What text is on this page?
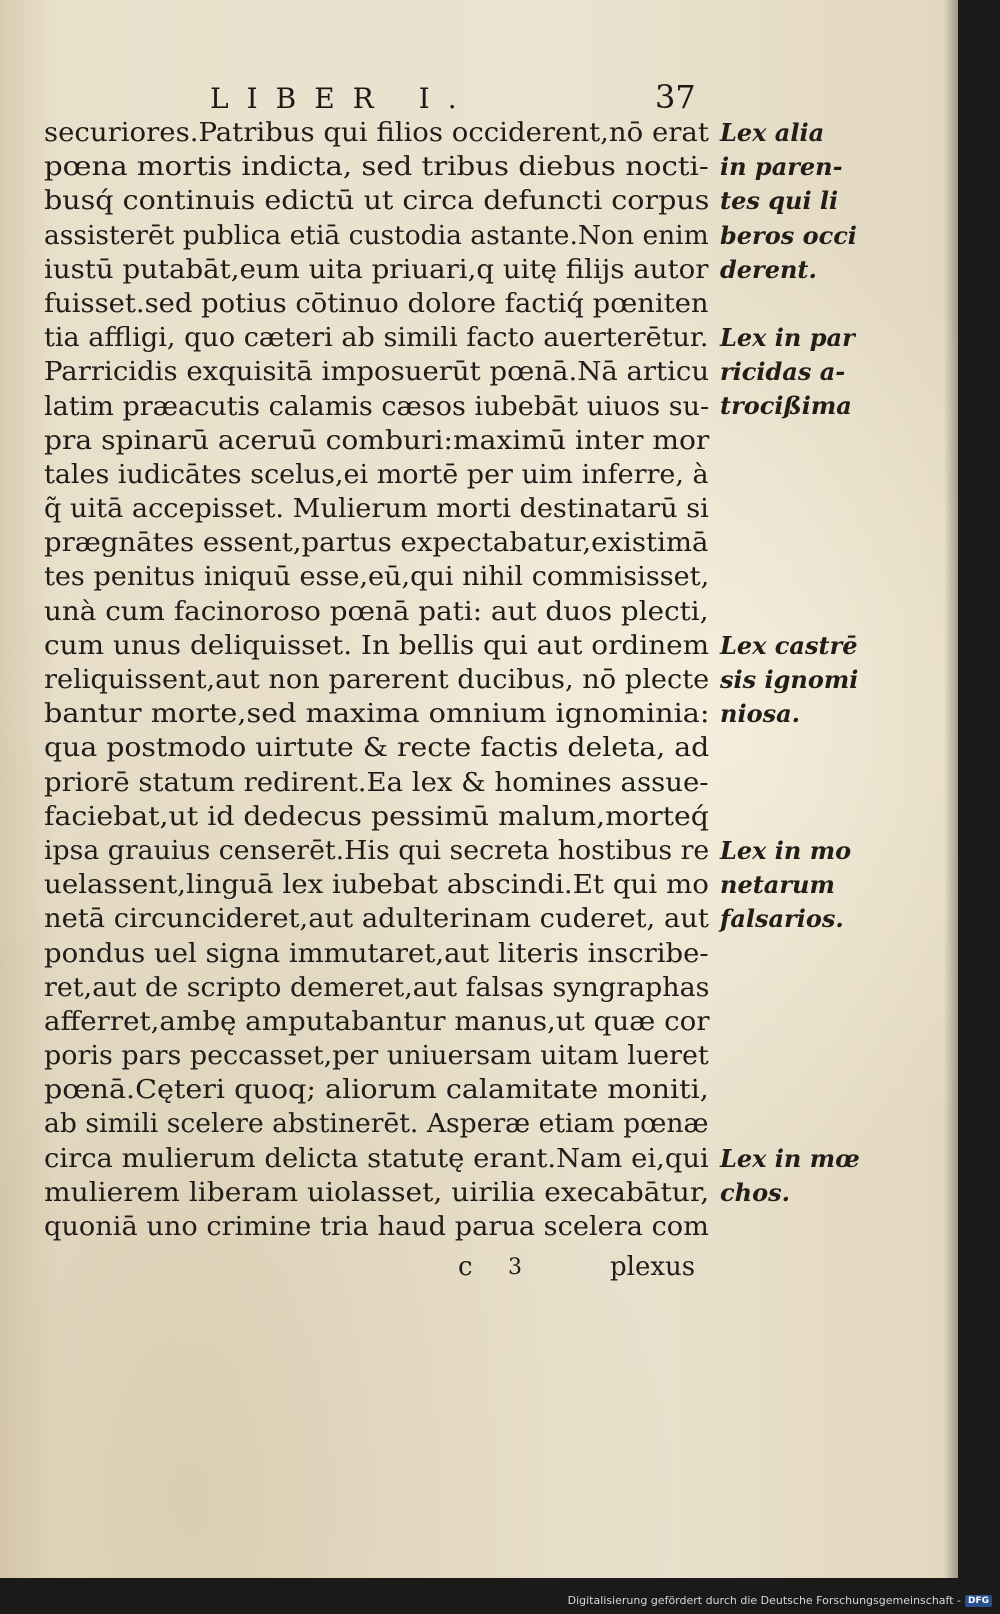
LIBER I.	37
securiores.Patribus qui filios occiderent,nō erat
pœna mortis indicta, sed tribus diebus nocti-
busq́ continuis edictū ut circa defuncti corpus
assisterēt publica etiā custodia astante.Non enim
iustū putabāt,eum uita priuari,q uitę filijs autor
fuisset.sed potius cōtinuo dolore factiq́ pœniten
tia affligi, quo cæteri ab simili facto auerterētur.
Parricidis exquisitā imposuerūt pœnā.Nā articu
latim præacutis calamis cæsos iubebāt uiuos su-
pra spinarū aceruū comburi:maximū inter mor
tales iudicātes scelus,ei mortē per uim inferre, à
q̃ uitā accepisset. Mulierum morti destinatarū si
prægnātes essent,partus expectabatur,existimā
tes penitus iniquū esse,eū,qui nihil commisisset,
unà cum facinoroso pœnā pati: aut duos plecti,
cum unus deliquisset. In bellis qui aut ordinem
reliquissent,aut non parerent ducibus, nō plecte
bantur morte,sed maxima omnium ignominia:
qua postmodo uirtute & recte factis deleta, ad
priorē statum redirent.Ea lex & homines assue-
faciebat,ut id dedecus pessimū malum,morteq́
ipsa grauius censerēt.His qui secreta hostibus re
uelassent,linguā lex iubebat abscindi.Et qui mo
netā circuncideret,aut adulterinam cuderet, aut
pondus uel signa immutaret,aut literis inscribe-
ret,aut de scripto demeret,aut falsas syngraphas
afferret,ambę amputabantur manus,ut quæ cor
poris pars peccasset,per uniuersam uitam lueret
pœnā.Cęteri quoq; aliorum calamitate moniti,
ab simili scelere abstinerēt. Asperæ etiam pœnæ
circa mulierum delicta statutę erant.Nam ei,qui
mulierem liberam uiolasset, uirilia execabātur,
quoniā uno crimine tria haud parua scelera com
Lex alia
in paren-
tes qui li
beros occi
derent.
Lex in par
ricidas a-
trocißima
Lex castrē
sis ignomi
niosa.
Lex in mo
netarum
falsarios.
Lex in mœ
chos.
c 3	plexus
Digitalisierung gefördert durch die Deutsche Forschungsgemeinschaft - DFG
